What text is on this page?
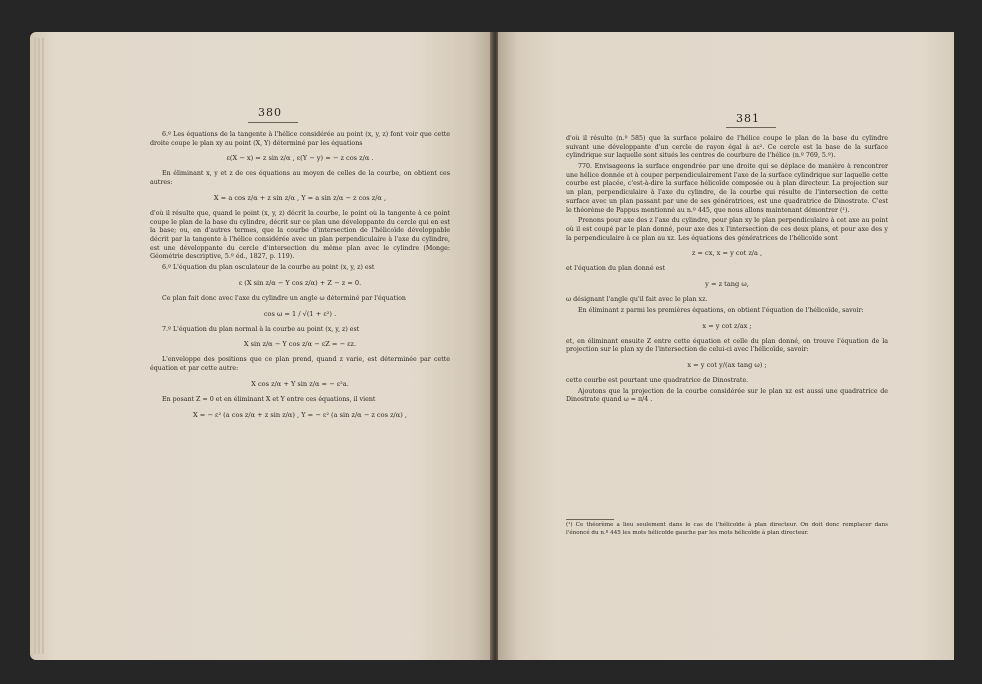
380

6.º Les équations de la tangente à l'hélice considérée au point (x, y, z) font voir que cette droite coupe le plan xy au point (X, Y) déterminé par les équations

ε(X − x) = z sin z/α , ε(Y − y) = − z cos z/α .

En éliminant x, y et z de ces équations au moyen de celles de la courbe, on obtient ces autres:

X = a cos z/α + z sin z/α , Y = a sin z/α − z cos z/α ,

d'où il résulte que, quand le point (x, y, z) décrit la courbe, le point où la tangente à ce point coupe le plan de la base du cylindre, décrit sur ce plan une développante du cercle qui en est la base; ou, en d'autres termes, que la courbe d'intersection de l'hélicoïde développable décrit par la tangente à l'hélice considérée avec un plan perpendiculaire à l'axe du cylindre, est une développante du cercle d'intersection du même plan avec le cylindre (Monge: Géométrie descriptive, 5.º éd., 1827, p. 119).

6.º L'équation du plan osculateur de la courbe au point (x, y, z) est

ε (X sin z/α − Y cos z/α) + Z − z = 0.

Ce plan fait donc avec l'axe du cylindre un angle ω déterminé par l'équation

cos ω = 1 / √(1 + ε²) .

7.º L'équation du plan normal à la courbe au point (x, y, z) est

X sin z/α − Y cos z/α − εZ = − εz.

L'enveloppe des positions que ce plan prend, quand z varie, est déterminée par cette équation et par cette autre:

X cos z/α + Y sin z/α = − ε²a.

En posant Z = 0 et en éliminant X et Y entre ces équations, il vient

X = − ε² (a cos z/α + z sin z/α) , Y = − ε² (a sin z/α − z cos z/α) ,
381

d'où il résulte (n.º 585) que la surface polaire de l'hélice coupe le plan de la base du cylindre suivant une développante d'un cercle de rayon égal à aε². Ce cercle est la base de la surface cylindrique sur laquelle sont situés les centres de courbure de l'hélice (n.º 769, 5.º).

770. Envisageons la surface engendrée par une droite qui se déplace de manière à rencontrer une hélice donnée et à couper perpendiculairement l'axe de la surface cylindrique sur laquelle cette courbe est placée, c'est-à-dire la surface hélicoïde composée ou à plan directeur. La projection sur un plan, perpendiculaire à l'axe du cylindre, de la courbe qui résulte de l'intersection de cette surface avec un plan passant par une de ses génératrices, est une quadratrice de Dinostrate. C'est le théorème de Pappus mentionné au n.º 445, que nous allons maintenant démontrer (¹).

Prenons pour axe des z l'axe du cylindre, pour plan xy le plan perpendiculaire à cet axe au point où il est coupé par le plan donné, pour axe des x l'intersection de ces deux plans, et pour axe des y la perpendiculaire à ce plan au xz. Les équations des génératrices de l'hélicoïde sont

z = cx, x = y cot z/a ,

et l'équation du plan donné est

y = z tang ω,

ω désignant l'angle qu'il fait avec le plan xz.

En éliminant z parmi les premières équations, on obtient l'équation de l'hélicoïde, savoir:

x = y cot z/ax ;

et, en éliminant ensuite Z entre cette équation et celle du plan donné, on trouve l'équation de la projection sur le plan xy de l'intersection de celui-ci avec l'hélicoïde, savoir:

x = y cot y/(ax tang ω) ;

cette courbe est pourtant une quadratrice de Dinostrate.

Ajoutons que la projection de la courbe considérée sur le plan xz est aussi une quadratrice de Dinostrate quand ω = π/4 .

(¹) Ce théorème a lieu seulement dans le cas de l'hélicoïde à plan directeur. On doit donc remplacer dans l'énoncé du n.º 445 les mots hélicoïde gauche par les mots hélicoïde à plan directeur.
